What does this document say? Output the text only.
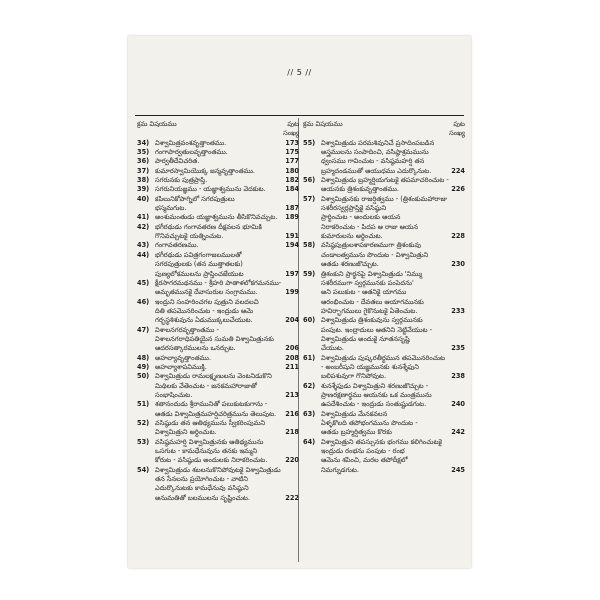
// 5 //
క్రమ విషయము	పుట
సంఖ్య
34) విశ్వామిత్రవంశవృత్తాంతము.	173
35) గంగాపార్వతులవృత్తాంతము.	175
36) పార్వతీదేవిచరిత.	177
37) కుమారస్వామియొక్క జన్మవృత్తాంతము.	180
38) సగరునకు పుత్రప్రాప్తి.	182
39) సగరునియజ్ఞము - యజ్ఞాశ్వమును వెదకుట.	184
40) కపిలునికోపాగ్నిలో సగరపుత్రులు
భస్మమగుట.	187
41) అంశుమంతుడు యజ్ఞాశ్వమును తీసికొనివచ్చుట.	189
42) భగీరథుడు గంగావతరణ దీక్షవలన భూమికి
గొనివచ్చుటకై యత్నించుట.	191
43) గంగావతరణము.	194
44) భగీరథుడు పవిత్రగంగాజలములతో
సగరపుత్రులకు (తన ముత్తాతలకు)
పుణ్యలోకములను ప్రాప్తించజేయుట	197
45) క్షీరసాగరమథనము - శ్రీహరి పాతాళలోకగమనము-
అమృతమునకై దేవాసురుల సంగ్రామము.	199
46) ఇంద్రుని సంహరించగల పుత్రుని వలదలచి
దితి తపమొనరించుట - ఇంద్రుడు ఆమె
గర్భస్థశిశువును ఏడుముక్కలుచేయుట.	204
47) విశాలనగరవృత్తాంతము -
విశాలనగరాధిపతియైన సుమతి విశ్వామిత్రునకు
ఆదరసత్కారములను ఒనర్చుట.	206
48) అహల్యావృత్తాంతము.	208
49) అహల్యాశాపవిముక్తి.	211
50) విశ్వామిత్రుడు రామలక్ష్మణులను వెంటనిడుకొని
మిథిలకు వేతెంచుట - జనకమహారాజుతో
సంభాషించుట.	213
51) శతానందుడు శ్రీరామునితో పలుకుటకుగాను -
ఆతడు విశ్వామిత్రమహర్షిచరిత్రమును తెలుపుట.	216
52) వసిష్ఠుడు తన ఆతిథ్యమును స్వీకరింపుమని
విశ్వామిత్రుని అర్థించుట.	218
53) వసిష్ఠమహర్షి విశ్వామిత్రునకు ఆతిథ్యమును
ఒసగుట - కామధేనువును తనకు ఇమ్మని
కోరుట - వసిష్ఠుడు అందులకు నిరాకరించుట.	220
54) విశ్వామిత్రుడు శబలనుకొనిపోవుటకై విశ్వామిత్రుడు
తన సేనలను ప్రయోగించుట - వాటిని
ఎదుర్కొనుటకు కామధేనువు వసిష్ఠుని
అనుమతితో బలములను సృష్టించుట.	222
క్రమ విషయము	పుట
సంఖ్య
55) విశ్వామిత్రుడు పరమశివునిచే ప్రసాదింపబడిన
అస్త్రములను సంపాదించి, వసిష్ఠాశ్రమమును
ధ్వంసము గావించుట - వసిష్ఠమహర్షి తన
బ్రహ్మదండముతో ఆయుధము ఎదుర్కొనుట.	224
56) విశ్వామిత్రుడు బ్రహ్మర్షియగుటకై తపమాచరించుట -
ఆయనకు త్రిశంకువృత్తాంతము.	226
57) విశ్వామిత్రునకు రాజర్షిత్వము - (త్రిశంకుమహారాజు
సశరీరస్వర్గప్రాప్తికై వసిష్ఠుని
ప్రార్థించుట - అందులకు ఆయన
నిరాకరించుట - పిదప ఆ రాజు ఆయన
కుమారులను అర్థించుట.	228
58) వసిష్ఠపుత్రులశాపకారణముగా త్రిశంకువు
చండాలత్వమును పొందుట - విశ్వామిత్రుని
ఆతడు శరణుజొచ్చుట.	230
59) త్రిశంకుని ప్రార్థనపై విశ్వామిత్రుడు 'నిమ్ము
సశరీరముగా స్వర్గమునకు పంపెదను'
అని పలుకుట - ఆతనికై యాగము
ఆరంభించుట - దేవతలు ఆయాగమునకు
హవిర్భాగములు గైకొనుటకై ఏతెంచుట.	233
60) విశ్వామిత్రుడు త్రిశంకువును స్వర్గమునకు
పంపుట. ఇంద్రాదులు ఆతనిని నెట్టివేయుట -
విశ్వామిత్రుడు అందుకై నూతనసృష్టి
చేయుట.	235
61) విశ్వామిత్రుడు పుష్కరతీర్థమున తపమొనరించుట
- అంబరీషుని యజ్ఞమునకు శునశ్శేఫుని
బలిపశువుగా గొనిపోవుట.	238
62) శునశ్శేఫుడు విశ్వామిత్రుని శరణుజొచ్చుట -
ప్రాణరక్షణార్థము ఆయనకు ఒక మంత్రమును
ఉపదేశించుట - ఇంద్రుడు సంతుష్టుడగుట.	240
63) విశ్వామిత్రుడు మేనకవలన
ఏళ్ళకొలది తపోభంగమును పొందుట -
ఆతడు బ్రహ్మర్షిత్వము కొరకు	242
64) విశ్వామిత్రుని తపస్సునకు భంగము కలిగించుటకై
ఇంద్రుడు రంభను పంపుట - రంభ
ఆమెను శపించి, మరల తపోదీక్షలో
నిమగ్నుడగుట.	245
